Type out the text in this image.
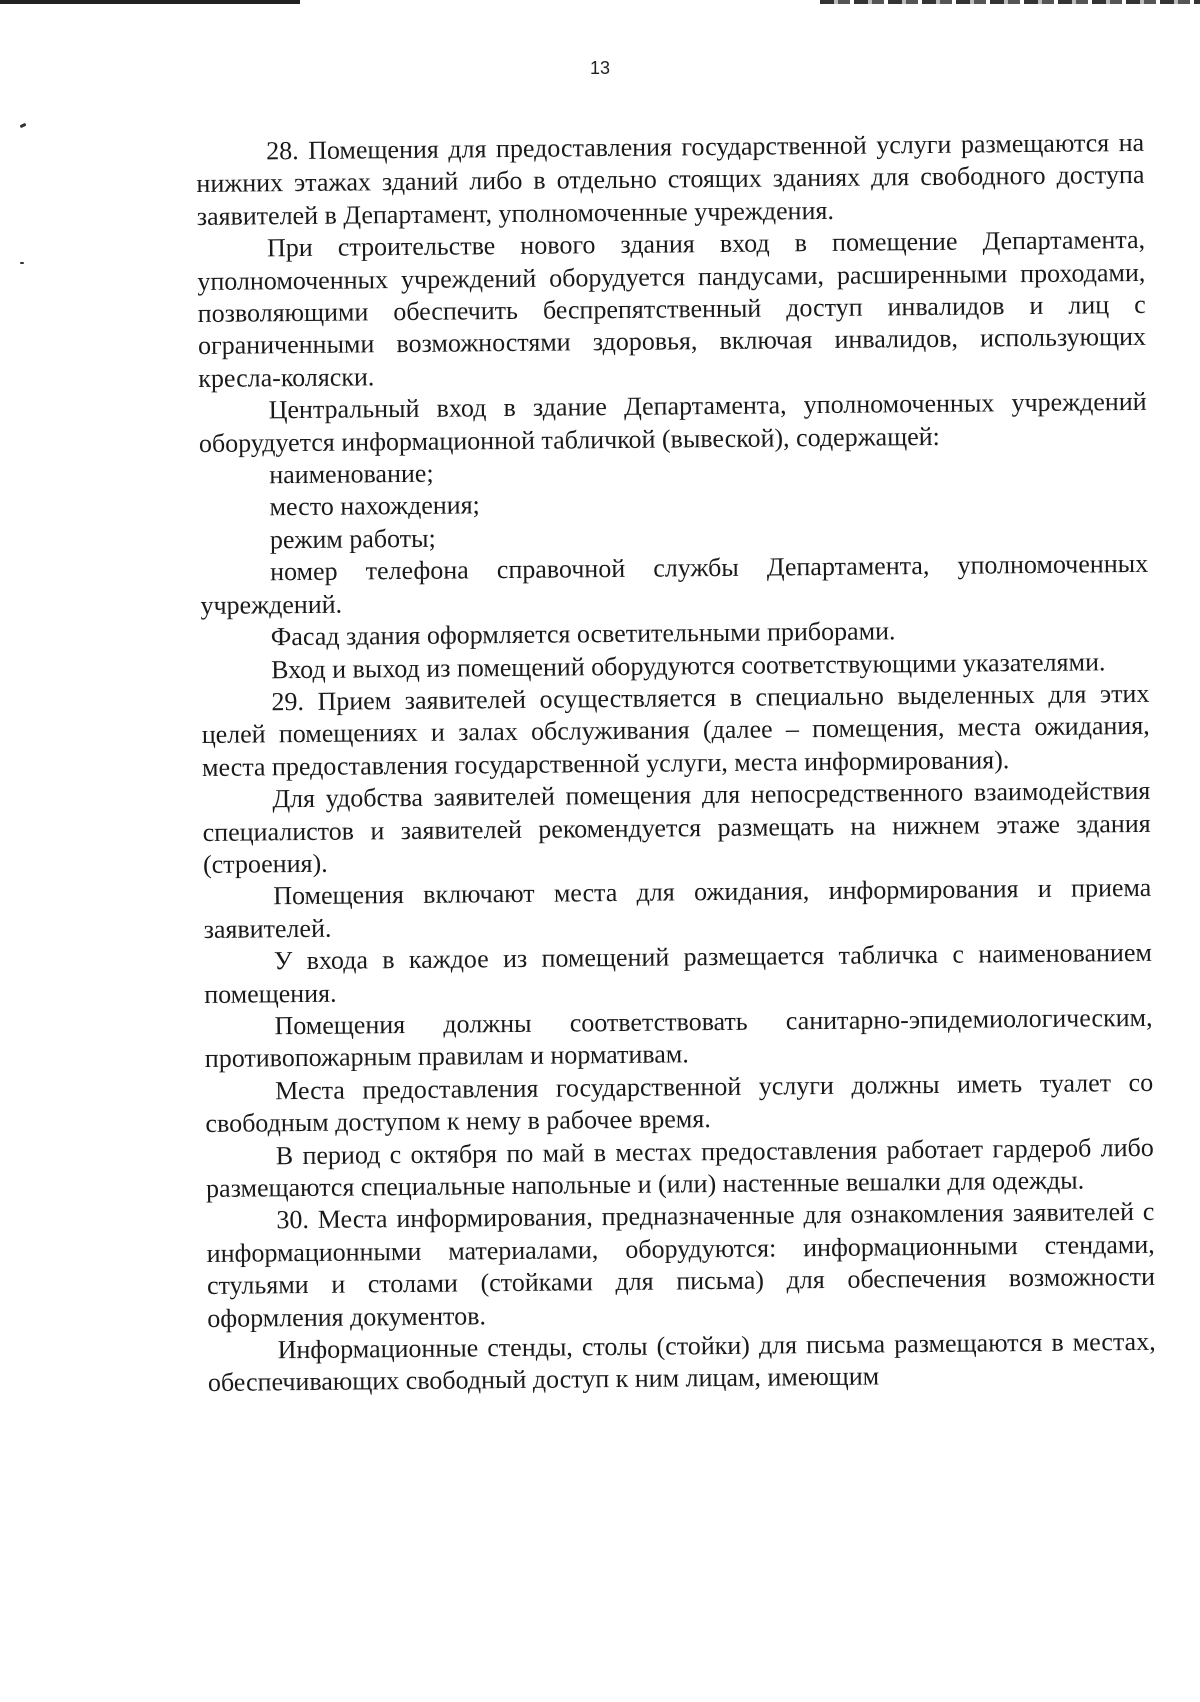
13

28. Помещения для предоставления государственной услуги размещаются на нижних этажах зданий либо в отдельно стоящих зданиях для свободного доступа заявителей в Департамент, уполномоченные учреждения.

При строительстве нового здания вход в помещение Департамента, уполномоченных учреждений оборудуется пандусами, расширенными проходами, позволяющими обеспечить беспрепятственный доступ инвалидов и лиц с ограниченными возможностями здоровья, включая инвалидов, использующих кресла-коляски.

Центральный вход в здание Департамента, уполномоченных учреждений оборудуется информационной табличкой (вывеской), содержащей:

наименование;

место нахождения;

режим работы;

номер телефона справочной службы Департамента, уполномоченных учреждений.

Фасад здания оформляется осветительными приборами.

Вход и выход из помещений оборудуются соответствующими указателями.

29. Прием заявителей осуществляется в специально выделенных для этих целей помещениях и залах обслуживания (далее – помещения, места ожидания, места предоставления государственной услуги, места информирования).

Для удобства заявителей помещения для непосредственного взаимодействия специалистов и заявителей рекомендуется размещать на нижнем этаже здания (строения).

Помещения включают места для ожидания, информирования и приема заявителей.

У входа в каждое из помещений размещается табличка с наименованием помещения.

Помещения должны соответствовать санитарно-эпидемиологическим, противопожарным правилам и нормативам.

Места предоставления государственной услуги должны иметь туалет со свободным доступом к нему в рабочее время.

В период с октября по май в местах предоставления работает гардероб либо размещаются специальные напольные и (или) настенные вешалки для одежды.

30. Места информирования, предназначенные для ознакомления заявителей с информационными материалами, оборудуются: информационными стендами, стульями и столами (стойками для письма) для обеспечения возможности оформления документов.

Информационные стенды, столы (стойки) для письма размещаются в местах, обеспечивающих свободный доступ к ним лицам, имеющим
